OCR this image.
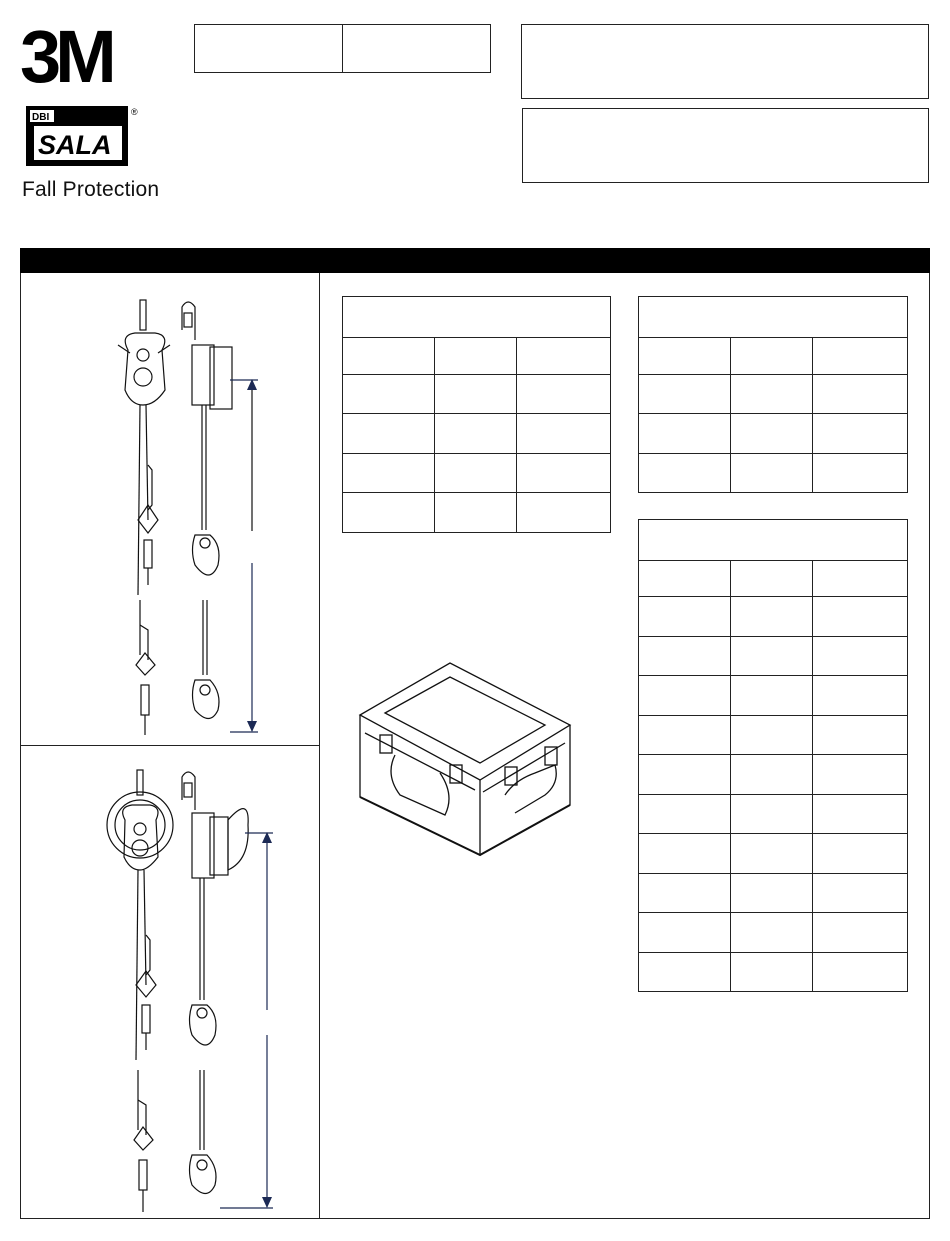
3M
DBI
SALA
®
Fall Protection
